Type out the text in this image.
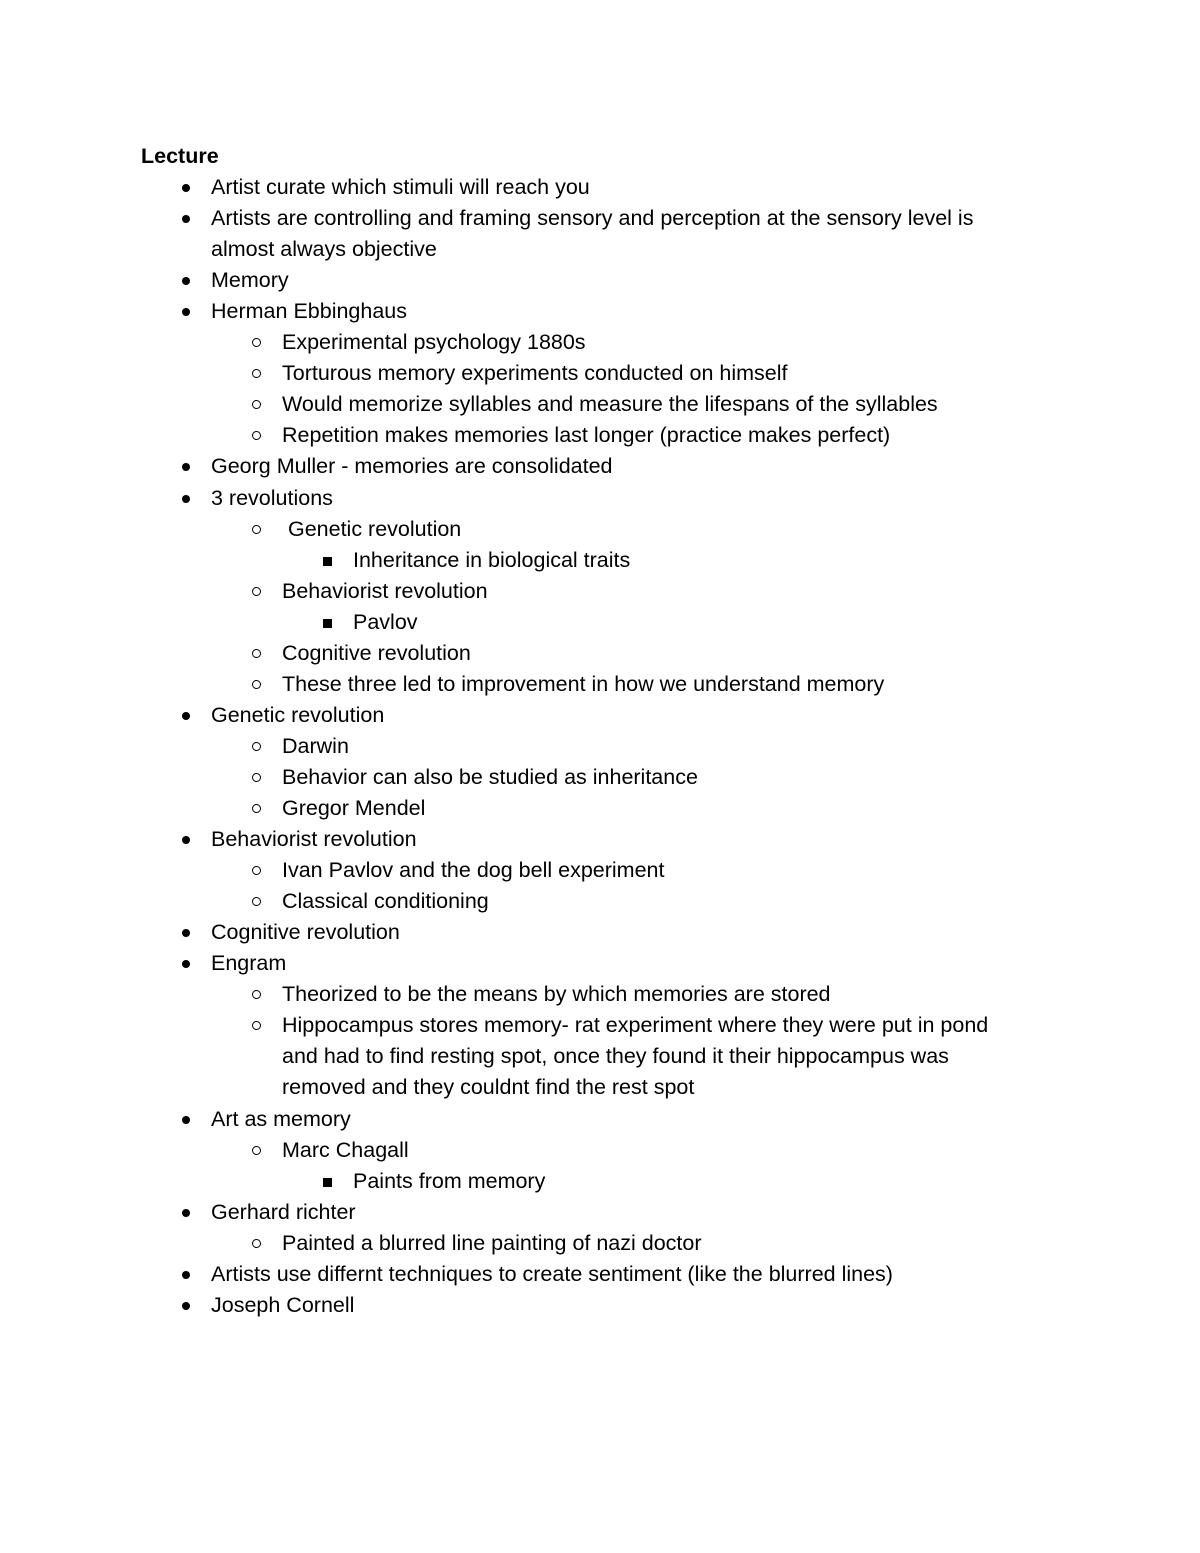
Lecture
Artist curate which stimuli will reach you
Artists are controlling and framing sensory and perception at the sensory level is
almost always objective
Memory
Herman Ebbinghaus
Experimental psychology 1880s
Torturous memory experiments conducted on himself
Would memorize syllables and measure the lifespans of the syllables
Repetition makes memories last longer (practice makes perfect)
Georg Muller - memories are consolidated
3 revolutions
Genetic revolution
Inheritance in biological traits
Behaviorist revolution
Pavlov
Cognitive revolution
These three led to improvement in how we understand memory
Genetic revolution
Darwin
Behavior can also be studied as inheritance
Gregor Mendel
Behaviorist revolution
Ivan Pavlov and the dog bell experiment
Classical conditioning
Cognitive revolution
Engram
Theorized to be the means by which memories are stored
Hippocampus stores memory- rat experiment where they were put in pond
and had to find resting spot, once they found it their hippocampus was
removed and they couldnt find the rest spot
Art as memory
Marc Chagall
Paints from memory
Gerhard richter
Painted a blurred line painting of nazi doctor
Artists use differnt techniques to create sentiment (like the blurred lines)
Joseph Cornell
